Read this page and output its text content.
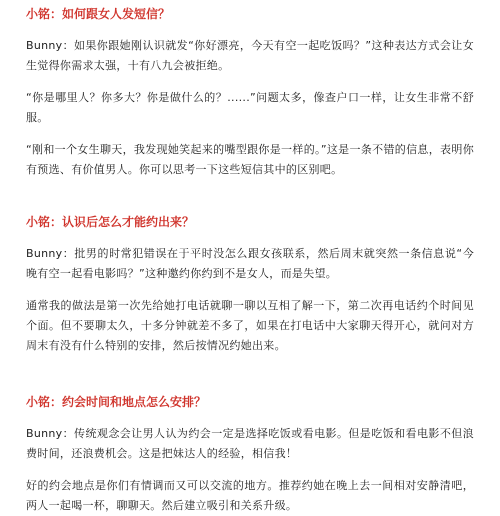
小铭：如何跟女人发短信？

Bunny：如果你跟她刚认识就发“你好漂亮，今天有空一起吃饭吗？”这种表达方式会让女生觉得你需求太强，十有八九会被拒绝。

“你是哪里人？你多大？你是做什么的？......”问题太多，像查户口一样，让女生非常不舒服。

“刚和一个女生聊天，我发现她笑起来的嘴型跟你是一样的。”这是一条不错的信息，表明你有预选、有价值男人。你可以思考一下这些短信其中的区别吧。

小铭：认识后怎么才能约出来？

Bunny：批男的时常犯错误在于平时没怎么跟女孩联系，然后周末就突然一条信息说“今晚有空一起看电影吗？”这种邀约你约到不是女人，而是失望。

通常我的做法是第一次先给她打电话就聊一聊以互相了解一下，第二次再电话约个时间见个面。但不要聊太久，十多分钟就差不多了，如果在打电话中大家聊天得开心，就问对方周末有没有什么特别的安排，然后按情况约她出来。

小铭：约会时间和地点怎么安排？

Bunny：传统观念会让男人认为约会一定是选择吃饭或看电影。但是吃饭和看电影不但浪费时间，还浪费机会。这是把妹达人的经验，相信我！

好的约会地点是你们有情调而又可以交流的地方。推荐约她在晚上去一间相对安静清吧，两人一起喝一杯，聊聊天。然后建立吸引和关系升级。
